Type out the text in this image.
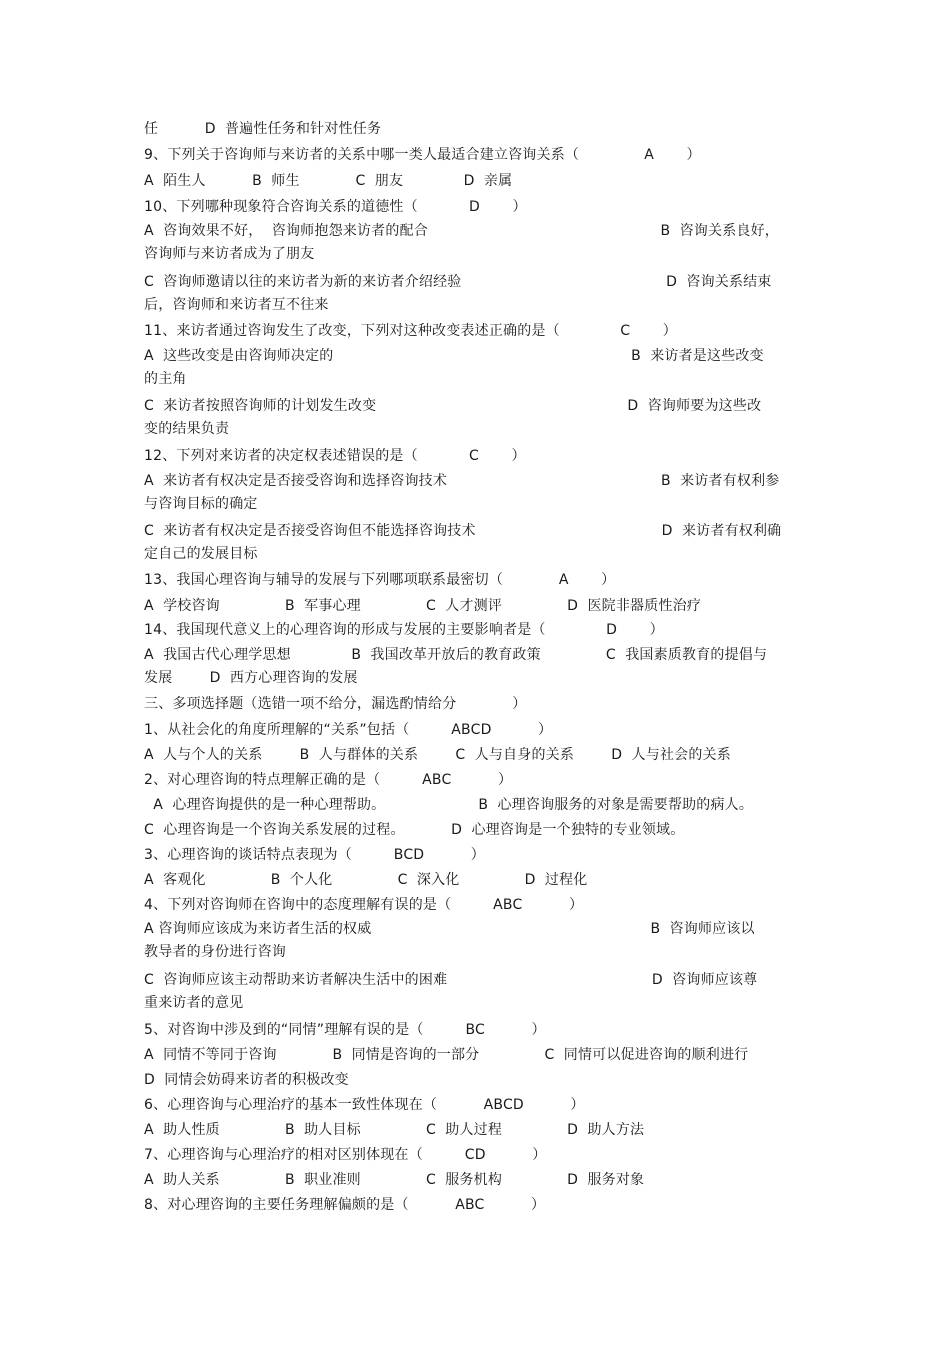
任          D  普遍性任务和针对性任务
9、下列关于咨询师与来访者的关系中哪一类人最适合建立咨询关系（              A       ）
A  陌生人          B  师生            C  朋友             D  亲属
10、下列哪种现象符合咨询关系的道德性（           D       ）
A  咨询效果不好，  咨询师抱怨来访者的配合                                                  B  咨询关系良好，
咨询师与来访者成为了朋友
C  咨询师邀请以往的来访者为新的来访者介绍经验                                            D  咨询关系结束
后，咨询师和来访者互不往来
11、来访者通过咨询发生了改变，下列对这种改变表述正确的是（             C       ）
A  这些改变是由咨询师决定的                                                                B  来访者是这些改变
的主角
C  来访者按照咨询师的计划发生改变                                                      D  咨询师要为这些改
变的结果负责
12、下列对来访者的决定权表述错误的是（           C       ）
A  来访者有权决定是否接受咨询和选择咨询技术                                              B  来访者有权利参
与咨询目标的确定
C  来访者有权决定是否接受咨询但不能选择咨询技术                                        D  来访者有权利确
定自己的发展目标
13、我国心理咨询与辅导的发展与下列哪项联系最密切（            A       ）
A  学校咨询              B  军事心理              C  人才测评              D  医院非器质性治疗
14、我国现代意义上的心理咨询的形成与发展的主要影响者是（             D       ）
A  我国古代心理学思想             B  我国改革开放后的教育政策              C  我国素质教育的提倡与
发展        D  西方心理咨询的发展
三、多项选择题（选错一项不给分，漏选酌情给分            ）
1、从社会化的角度所理解的“关系”包括（         ABCD          ）
A  人与个人的关系        B  人与群体的关系        C  人与自身的关系        D  人与社会的关系
2、对心理咨询的特点理解正确的是（         ABC          ）
A  心理咨询提供的是一种心理帮助。                    B  心理咨询服务的对象是需要帮助的病人。
C  心理咨询是一个咨询关系发展的过程。          D  心理咨询是一个独特的专业领域。
3、心理咨询的谈话特点表现为（         BCD          ）
A  客观化              B  个人化              C  深入化              D  过程化
4、下列对咨询师在咨询中的态度理解有误的是（         ABC          ）
A 咨询师应该成为来访者生活的权威                                                            B  咨询师应该以
教导者的身份进行咨询
C  咨询师应该主动帮助来访者解决生活中的困难                                            D  咨询师应该尊
重来访者的意见
5、对咨询中涉及到的“同情”理解有误的是（         BC          ）
A  同情不等同于咨询            B  同情是咨询的一部分              C  同情可以促进咨询的顺利进行
D  同情会妨碍来访者的积极改变
6、心理咨询与心理治疗的基本一致性体现在（          ABCD          ）
A  助人性质              B  助人目标              C  助人过程              D  助人方法
7、心理咨询与心理治疗的相对区别体现在（         CD          ）
A  助人关系              B  职业准则              C  服务机构              D  服务对象
8、对心理咨询的主要任务理解偏颇的是（          ABC          ）
